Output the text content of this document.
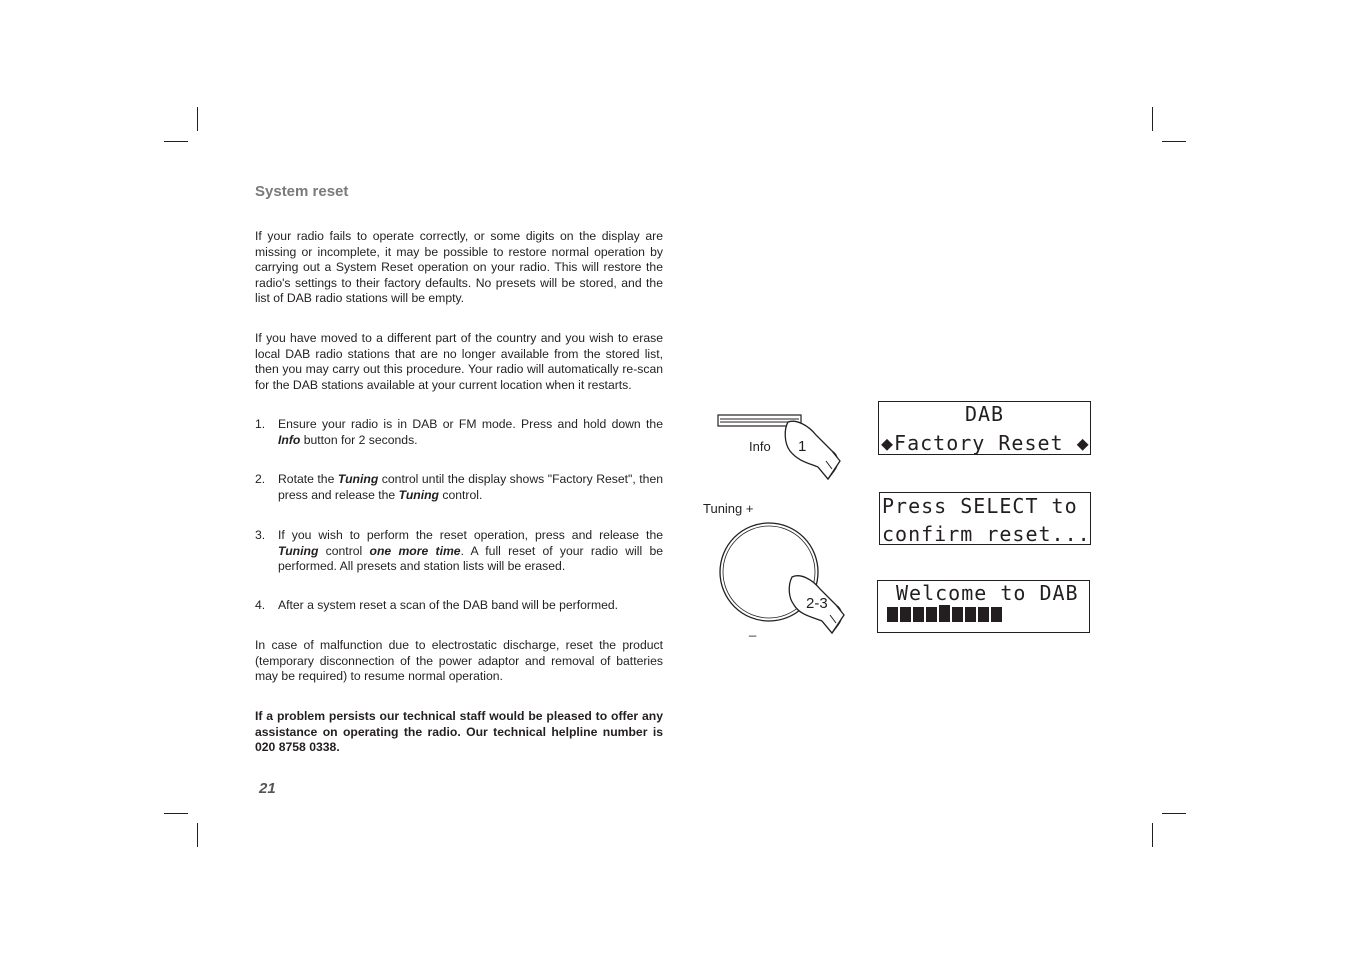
System reset
If your radio fails to operate correctly, or some digits on the display are missing or incomplete, it may be possible to restore normal operation by carrying out a System Reset operation on your radio. This will restore the radio's settings to their factory defaults. No presets will be stored, and the list of DAB radio stations will be empty.
If you have moved to a different part of the country and you wish to erase local DAB radio stations that are no longer available from the stored list, then you may carry out this procedure. Your radio will automatically re-scan for the DAB stations available at your current location when it restarts.
1. Ensure your radio is in DAB or FM mode. Press and hold down the Info button for 2 seconds.
2. Rotate the Tuning control until the display shows "Factory Reset", then press and release the Tuning control.
3. If you wish to perform the reset operation, press and release the Tuning control one more time. A full reset of your radio will be performed. All presets and station lists will be erased.
4. After a system reset a scan of the DAB band will be performed.
In case of malfunction due to electrostatic discharge, reset the product (temporary disconnection of the power adaptor and removal of batteries may be required) to resume normal operation.
If a problem persists our technical staff would be pleased to offer any assistance on operating the radio. Our technical helpline number is 020 8758 0338.
21
Info 1
Tuning +
_
2-3
DAB
◆Factory Reset ◆
Press SELECT to
confirm reset...
Welcome to DAB
